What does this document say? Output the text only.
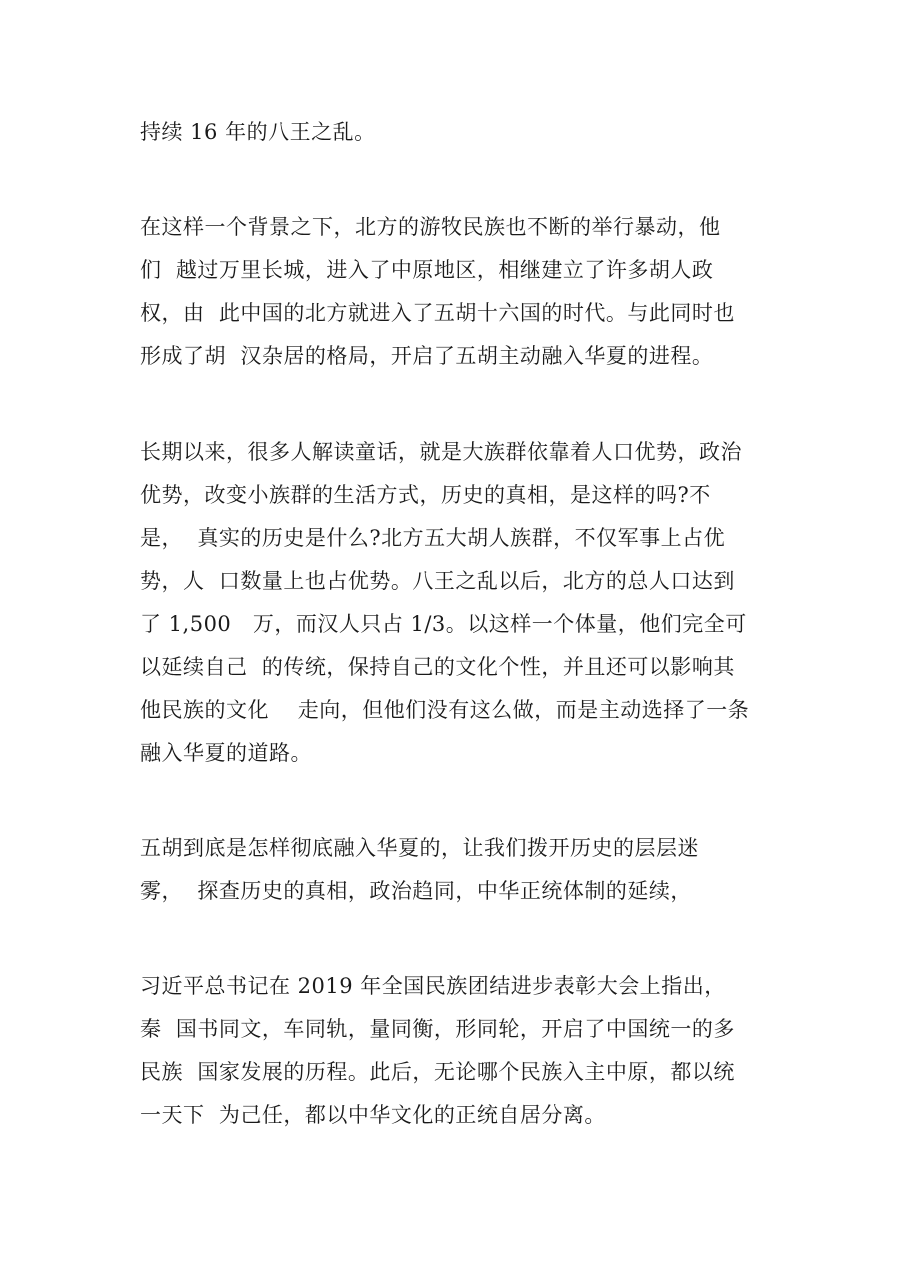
持续 16 年的八王之乱。
在这样一个背景之下，北方的游牧民族也不断的举行暴动，他
们  越过万里长城，进入了中原地区，相继建立了许多胡人政
权，由  此中国的北方就进入了五胡十六国的时代。与此同时也
形成了胡  汉杂居的格局，开启了五胡主动融入华夏的进程。
长期以来，很多人解读童话，就是大族群依靠着人口优势，政治
优势，改变小族群的生活方式，历史的真相，是这样的吗?不
是，  真实的历史是什么?北方五大胡人族群，不仅军事上占优
势，人  口数量上也占优势。八王之乱以后，北方的总人口达到
了 1,500   万，而汉人只占 1/3。以这样一个体量，他们完全可
以延续自己  的传统，保持自己的文化个性，并且还可以影响其
他民族的文化    走向，但他们没有这么做，而是主动选择了一条
融入华夏的道路。
五胡到底是怎样彻底融入华夏的，让我们拨开历史的层层迷
雾，  探查历史的真相，政治趋同，中华正统体制的延续，
习近平总书记在 2019 年全国民族团结进步表彰大会上指出，
秦  国书同文，车同轨，量同衡，形同轮，开启了中国统一的多
民族  国家发展的历程。此后，无论哪个民族入主中原，都以统
一天下  为己任，都以中华文化的正统自居分离。
